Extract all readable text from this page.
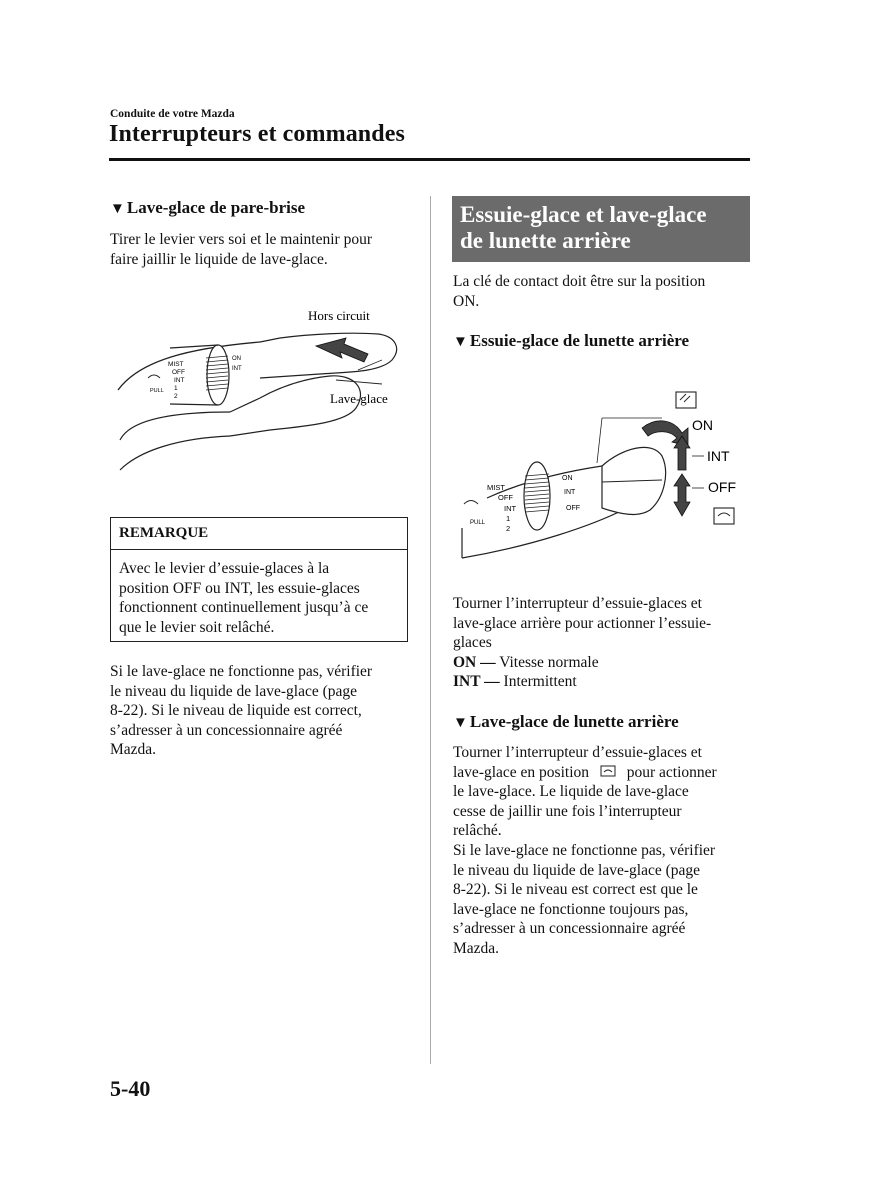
Conduite de votre Mazda
Interrupteurs et commandes
▼ Lave-glace de pare-brise
Tirer le levier vers soi et le maintenir pour
faire jaillir le liquide de lave-glace.
MIST
OFF
INT
1
2
PULL
ON
INT
Hors circuit
Lave-glace
REMARQUE
Avec le levier d’essuie-glaces à la
position OFF ou INT, les essuie-glaces
fonctionnent continuellement jusqu’à ce
que le levier soit relâché.
Si le lave-glace ne fonctionne pas, vérifier
le niveau du liquide de lave-glace (page
8-22). Si le niveau de liquide est correct,
s’adresser à un concessionnaire agréé
Mazda.
Essuie-glace et lave-glace
de lunette arrière
La clé de contact doit être sur la position
ON.
▼ Essuie-glace de lunette arrière
MIST
OFF
INT
1
2
PULL
ON
INT
OFF
ON
INT
OFF
Tourner l’interrupteur d’essuie-glaces et
lave-glace arrière pour actionner l’essuie-
glaces
ON — Vitesse normale
INT — Intermittent
▼ Lave-glace de lunette arrière
Tourner l’interrupteur d’essuie-glaces et
lave-glace en position pour actionner
le lave-glace. Le liquide de lave-glace
cesse de jaillir une fois l’interrupteur
relâché.
Si le lave-glace ne fonctionne pas, vérifier
le niveau du liquide de lave-glace (page
8-22). Si le niveau est correct est que le
lave-glace ne fonctionne toujours pas,
s’adresser à un concessionnaire agréé
Mazda.
5-40
